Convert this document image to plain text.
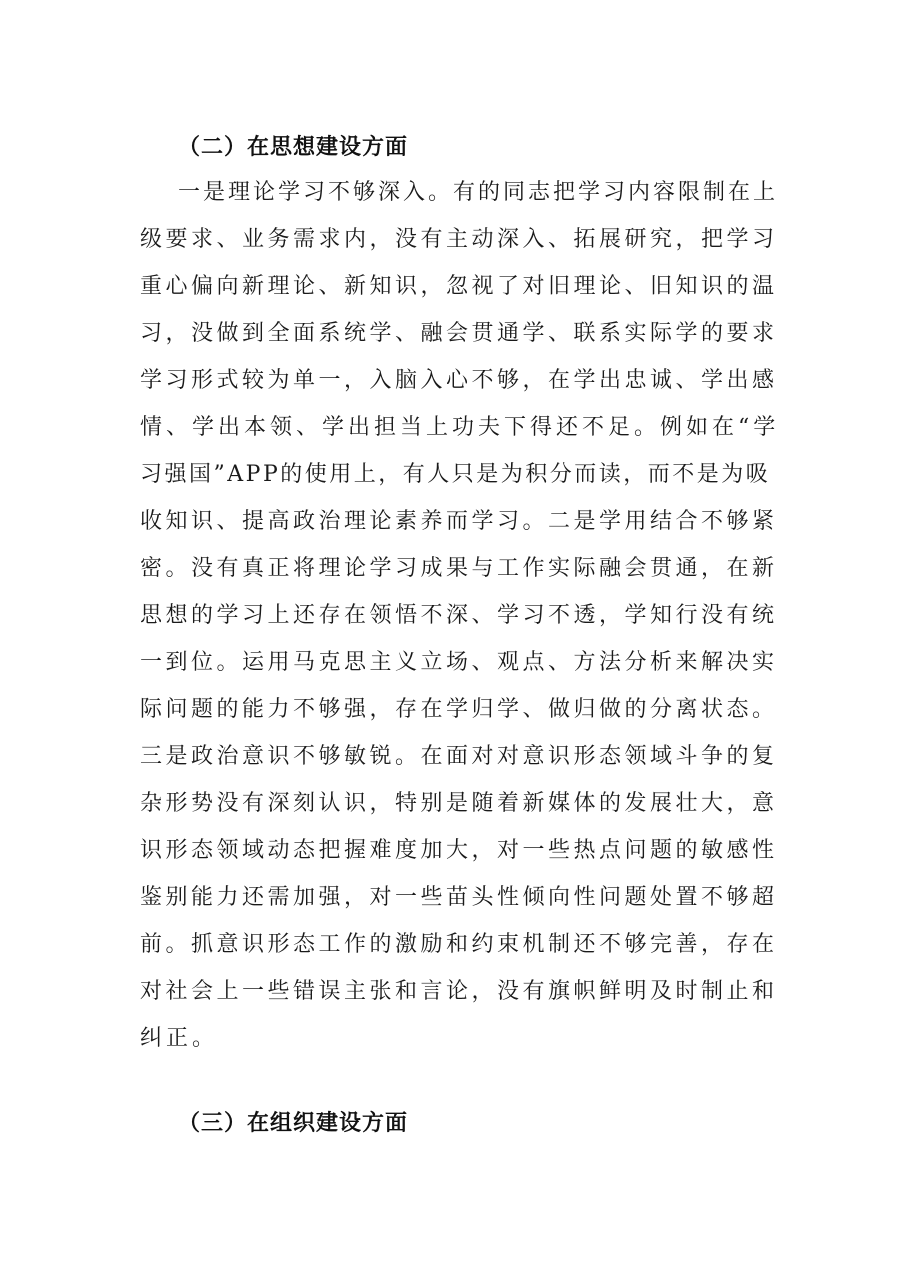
（二）在思想建设方面
一是理论学习不够深入。有的同志把学习内容限制在上
级要求、业务需求内，没有主动深入、拓展研究，把学习
重心偏向新理论、新知识，忽视了对旧理论、旧知识的温
习，没做到全面系统学、融会贯通学、联系实际学的要求
学习形式较为单一，入脑入心不够，在学出忠诚、学出感
情、学出本领、学出担当上功夫下得还不足。例如在“学
习强国”APP的使用上，有人只是为积分而读，而不是为吸
收知识、提高政治理论素养而学习。二是学用结合不够紧
密。没有真正将理论学习成果与工作实际融会贯通，在新
思想的学习上还存在领悟不深、学习不透，学知行没有统
一到位。运用马克思主义立场、观点、方法分析来解决实
际问题的能力不够强，存在学归学、做归做的分离状态。
三是政治意识不够敏锐。在面对对意识形态领域斗争的复
杂形势没有深刻认识，特别是随着新媒体的发展壮大，意
识形态领域动态把握难度加大，对一些热点问题的敏感性
鉴别能力还需加强，对一些苗头性倾向性问题处置不够超
前。抓意识形态工作的激励和约束机制还不够完善，存在
对社会上一些错误主张和言论，没有旗帜鲜明及时制止和
纠正。
（三）在组织建设方面
